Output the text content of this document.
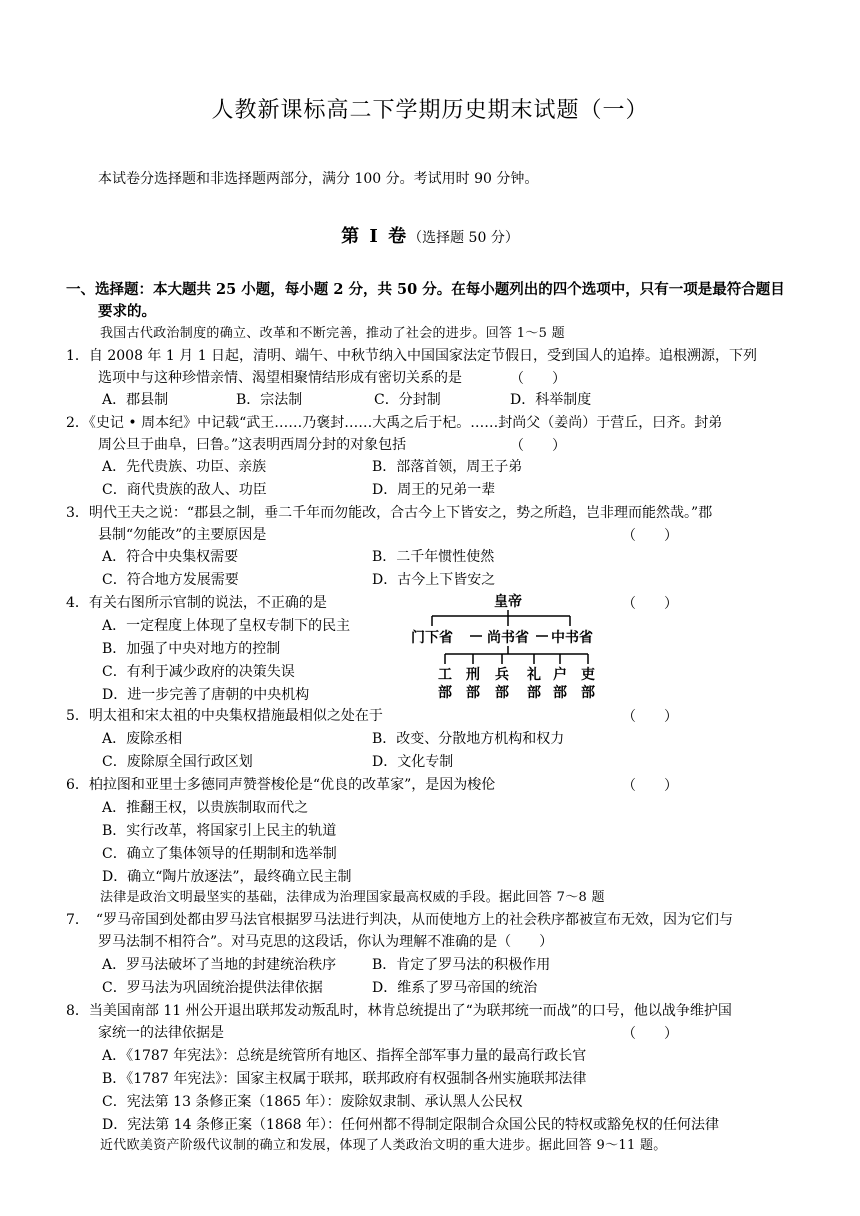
人教新课标高二下学期历史期末试题（一）
本试卷分选择题和非选择题两部分，满分 100 分。考试用时 90 分钟。
第 Ⅰ 卷（选择题 50 分）
一、选择题：本大题共 25 小题，每小题 2 分，共 50 分。在每小题列出的四个选项中，只有一项是最符合题目
要求的。
我国古代政治制度的确立、改革和不断完善，推动了社会的进步。回答 1～5 题
1．自 2008 年 1 月 1 日起，清明、端午、中秋节纳入中国国家法定节假日，受到国人的追捧。追根溯源，下列
选项中与这种珍惜亲情、渴望相聚情结形成有密切关系的是	（　　）
A．郡县制	B．宗法制	C．分封制	D．科举制度
2．《史记 • 周本纪》中记载“武王……乃褒封……大禹之后于杞。……封尚父（姜尚）于营丘，曰齐。封弟
周公旦于曲阜，曰鲁。”这表明西周分封的对象包括	（　　）
A．先代贵族、功臣、亲族	B．部落首领，周王子弟
C．商代贵族的敌人、功臣	D．周王的兄弟一辈
3．明代王夫之说：“郡县之制，垂二千年而勿能改，合古今上下皆安之，势之所趋，岂非理而能然哉。”郡
县制“勿能改”的主要原因是	（　　）
A．符合中央集权需要	B．二千年惯性使然
C．符合地方发展需要	D．古今上下皆安之
4．有关右图所示官制的说法，不正确的是	（　　）
A．一定程度上体现了皇权专制下的民主
B．加强了中央对地方的控制
C．有利于减少政府的决策失误
D．进一步完善了唐朝的中央机构
皇帝
门下省 尚书省 中书省
工
部
刑
部
兵
部
礼
部
户
部
吏
部
5．明太祖和宋太祖的中央集权措施最相似之处在于	（　　）
A．废除丞相	B．改变、分散地方机构和权力
C．废除原全国行政区划	D．文化专制
6．柏拉图和亚里士多德同声赞誉梭伦是“优良的改革家”，是因为梭伦	（　　）
A．推翻王权，以贵族制取而代之
B．实行改革，将国家引上民主的轨道
C．确立了集体领导的任期制和选举制
D．确立“陶片放逐法”，最终确立民主制
法律是政治文明最坚实的基础，法律成为治理国家最高权威的手段。据此回答 7～8 题
7．　“罗马帝国到处都由罗马法官根据罗马法进行判决，从而使地方上的社会秩序都被宣布无效，因为它们与
罗马法制不相符合”。对马克思的这段话，你认为理解不准确的是（　　）
A．罗马法破坏了当地的封建统治秩序	B．肯定了罗马法的积极作用
C．罗马法为巩固统治提供法律依据	D．维系了罗马帝国的统治
8．当美国南部 11 州公开退出联邦发动叛乱时，林肯总统提出了“为联邦统一而战”的口号，他以战争维护国
家统一的法律依据是	（　　）
A．《1787 年宪法》：总统是统管所有地区、指挥全部军事力量的最高行政长官
B．《1787 年宪法》：国家主权属于联邦，联邦政府有权强制各州实施联邦法律
C．宪法第 13 条修正案（1865 年）：废除奴隶制、承认黑人公民权
D．宪法第 14 条修正案（1868 年）：任何州都不得制定限制合众国公民的特权或豁免权的任何法律
近代欧美资产阶级代议制的确立和发展，体现了人类政治文明的重大进步。据此回答 9～11 题。
